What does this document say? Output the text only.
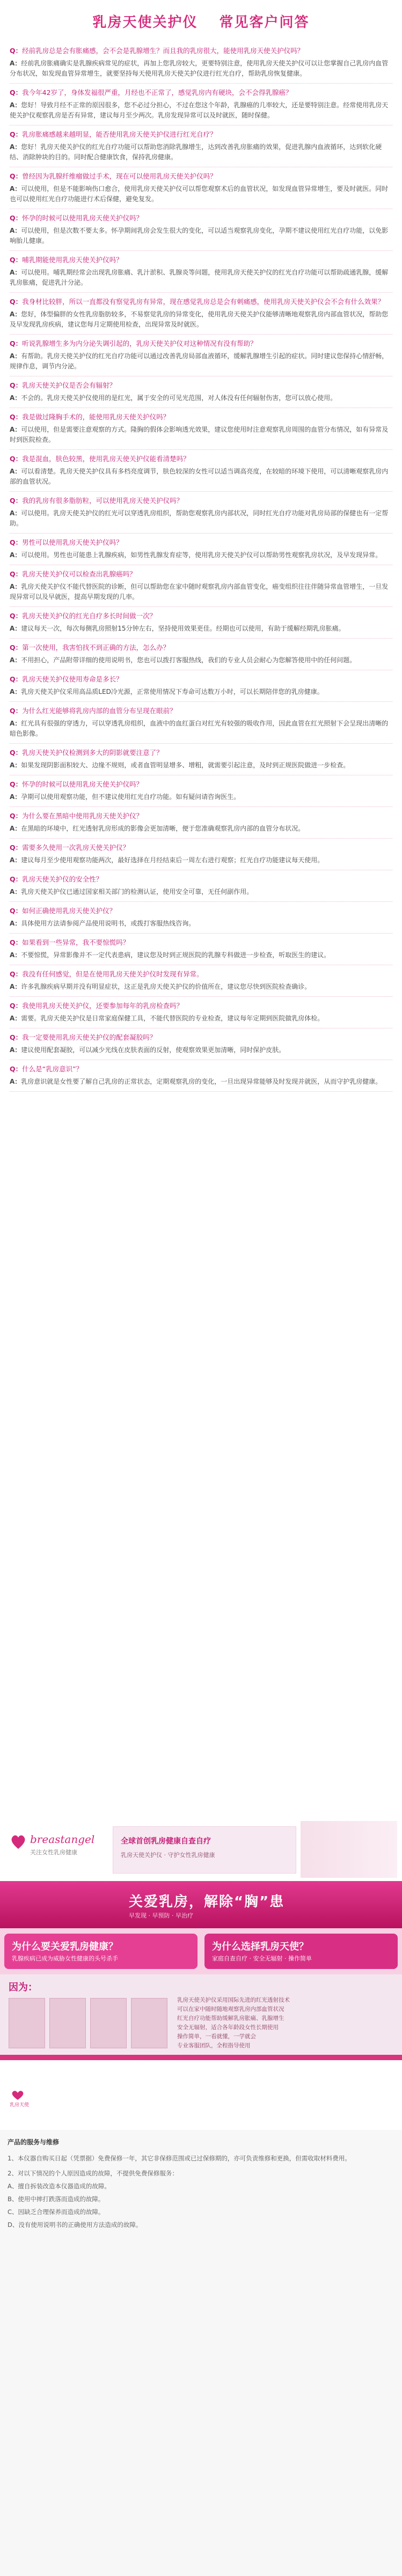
乳房天使关护仪 常见客户问答

Q：经前乳房总是会有胀痛感，会不会是乳腺增生？而且我的乳房很大，能使用乳房天使关护仪吗？

A：经前乳房胀痛确实是乳腺疾病常见的症状，再加上您乳房较大，更要特别注意，使用乳房天使关护仪可以让您掌握自己乳房内血管分布状况，如发现血管异常增生，就要坚持每天使用乳房天使关护仪进行红光自疗，帮助乳房恢复健康。

Q：我今年42岁了，身体发福很严重，月经也不正常了，感觉乳房内有硬块，会不会得乳腺癌？

A：您好！导致月经不正常的原因很多，您不必过分担心，不过在您这个年龄，乳腺癌的几率较大，还是要特别注意。经常使用乳房天使关护仪观察乳房是否有异常，建议每月至少两次。乳房发现异常可以及时就医，随时保健。

Q：乳房胀痛感越来越明显，能否使用乳房天使关护仪进行红光自疗？

A：您好！乳房天使关护仪的红光自疗功能可以帮助您消除乳腺增生，达到改善乳房胀痛的效果，促进乳腺内血液循环，达到软化硬结、消除肿块的目的。同时配合健康饮食，保持乳房健康。

Q：曾经因为乳腺纤维瘤做过手术，现在可以使用乳房天使关护仪吗？

A：可以使用，但是不能影响伤口愈合，使用乳房天使关护仪可以帮您观察术后的血管状况，如发现血管异常增生，要及时就医。同时也可以使用红光自疗功能进行术后保健，避免复发。

Q：怀孕的时候可以使用乳房天使关护仪吗？

A：可以使用，但是次数不要太多。怀孕期间乳房会发生很大的变化，可以适当观察乳房变化，孕期不建议使用红光自疗功能，以免影响胎儿健康。

Q：哺乳期能使用乳房天使关护仪吗？

A：可以使用。哺乳期经常会出现乳房胀痛、乳汁淤积、乳腺炎等问题，使用乳房天使关护仪的红光自疗功能可以帮助疏通乳腺，缓解乳房胀痛，促进乳汁分泌。

Q：我身材比较胖，所以一直都没有察觉乳房有异常，现在感觉乳房总是会有刺痛感，使用乳房天使关护仪会不会有什么效果？

A：您好，体型偏胖的女性乳房脂肪较多，不易察觉乳房的异常变化，使用乳房天使关护仪能够清晰地观察乳房内部血管状况，帮助您及早发现乳房疾病，建议您每月定期使用检查，出现异常及时就医。

Q：听说乳腺增生多为内分泌失调引起的，乳房天使关护仪对这种情况有没有帮助？

A：有帮助。乳房天使关护仪的红光自疗功能可以通过改善乳房局部血液循环，缓解乳腺增生引起的症状。同时建议您保持心情舒畅，规律作息，调节内分泌。

Q：乳房天使关护仪是否会有辐射？

A：不会的。乳房天使关护仪使用的是红光，属于安全的可见光范围，对人体没有任何辐射伤害，您可以放心使用。

Q：我是做过隆胸手术的，能使用乳房天使关护仪吗？

A：可以使用，但是需要注意观察的方式。隆胸的假体会影响透光效果，建议您使用时注意观察乳房周围的血管分布情况，如有异常及时到医院检查。

Q：我是混血，肤色较黑，使用乳房天使关护仪能看清楚吗？

A：可以看清楚。乳房天使关护仪具有多档亮度调节，肤色较深的女性可以适当调高亮度，在较暗的环境下使用，可以清晰观察乳房内部的血管状况。

Q：我的乳房有很多脂肪粒，可以使用乳房天使关护仪吗？

A：可以使用。乳房天使关护仪的红光可以穿透乳房组织，帮助您观察乳房内部状况，同时红光自疗功能对乳房局部的保健也有一定帮助。

Q：男性可以使用乳房天使关护仪吗？

A：可以使用。男性也可能患上乳腺疾病，如男性乳腺发育症等，使用乳房天使关护仪可以帮助男性观察乳房状况，及早发现异常。

Q：乳房天使关护仪可以检查出乳腺癌吗？

A：乳房天使关护仪不能代替医院的诊断，但可以帮助您在家中随时观察乳房内部血管变化，癌变组织往往伴随异常血管增生，一旦发现异常可以及早就医，提高早期发现的几率。

Q：乳房天使关护仪的红光自疗多长时间做一次？

A：建议每天一次，每次每侧乳房照射15分钟左右，坚持使用效果更佳。经期也可以使用，有助于缓解经期乳房胀痛。

Q：第一次使用，我害怕找不到正确的方法，怎么办？

A：不用担心，产品附带详细的使用说明书，您也可以拨打客服热线，我们的专业人员会耐心为您解答使用中的任何问题。

Q：乳房天使关护仪使用寿命是多长？

A：乳房天使关护仪采用高品质LED冷光源，正常使用情况下寿命可达数万小时，可以长期陪伴您的乳房健康。

Q：为什么红光能够将乳房内部的血管分布呈现在眼前？

A：红光具有很强的穿透力，可以穿透乳房组织，血液中的血红蛋白对红光有较强的吸收作用，因此血管在红光照射下会呈现出清晰的暗色影像。

Q：乳房天使关护仪检测到多大的阴影就要注意了？

A：如果发现阴影面积较大、边缘不规则，或者血管明显增多、增粗，就需要引起注意，及时到正规医院做进一步检查。

Q：怀孕的时候可以使用乳房天使关护仪吗？

A：孕期可以使用观察功能，但不建议使用红光自疗功能。如有疑问请咨询医生。

Q：为什么要在黑暗中使用乳房天使关护仪？

A：在黑暗的环境中，红光透射乳房形成的影像会更加清晰，便于您准确观察乳房内部的血管分布状况。

Q：需要多久使用一次乳房天使关护仪？

A：建议每月至少使用观察功能两次，最好选择在月经结束后一周左右进行观察；红光自疗功能建议每天使用。

Q：乳房天使关护仪的安全性？

A：乳房天使关护仪已通过国家相关部门的检测认证，使用安全可靠，无任何副作用。

Q：如何正确使用乳房天使关护仪？

A：具体使用方法请参阅产品使用说明书，或拨打客服热线咨询。

Q：如果看到一些异常，我不要惊慌吗？

A：不要惊慌，异常影像并不一定代表患病，建议您及时到正规医院的乳腺专科做进一步检查，听取医生的建议。

Q：我没有任何感觉，但是在使用乳房天使关护仪时发现有异常。

A：许多乳腺疾病早期并没有明显症状，这正是乳房天使关护仪的价值所在，建议您尽快到医院检查确诊。

Q：我使用乳房天使关护仪，还要参加每年的乳房检查吗？

A：需要。乳房天使关护仪是日常家庭保健工具，不能代替医院的专业检查，建议每年定期到医院做乳房体检。

Q：我一定要使用乳房天使关护仪的配套凝胶吗？

A：建议使用配套凝胶，可以减少光线在皮肤表面的反射，使观察效果更加清晰，同时保护皮肤。

Q：什么是“乳房意识”？

A：乳房意识就是女性要了解自己乳房的正常状态，定期观察乳房的变化，一旦出现异常能够及时发现并就医，从而守护乳房健康。

breastangel
关注女性乳房健康
全球首创乳房健康自查自疗
乳房天使关护仪 · 守护女性乳房健康
关爱乳房，解除“胸”患
早发现 · 早预防 · 早治疗
为什么要关爱乳房健康？
乳腺疾病已成为威胁女性健康的头号杀手
为什么选择乳房天使？
家庭自查自疗 · 安全无辐射 · 操作简单
因为：

乳房天使关护仪采用国际先进的红光透射技术

可以在家中随时随地观察乳房内部血管状况

红光自疗功能帮助缓解乳房胀痛、乳腺增生

安全无辐射，适合各年龄段女性长期使用

操作简单，一看就懂，一学就会

专业客服团队，全程指导使用

乳房天使
产品的服务与维修
1、本仪器自购买日起（凭票据）免费保修一年，其它非保修范围或已过保修期的，亦可负责维修和更换，但需收取材料费用。
2、对以下情况的个人原因造成的故障，不提供免费保修服务：
A、擅自拆装改造本仪器造成的故障。
B、使用中摔打跌落而造成的故障。
C、因缺乏合理保养而造成的故障。
D、没有使用说明书的正确使用方法造成的故障。
